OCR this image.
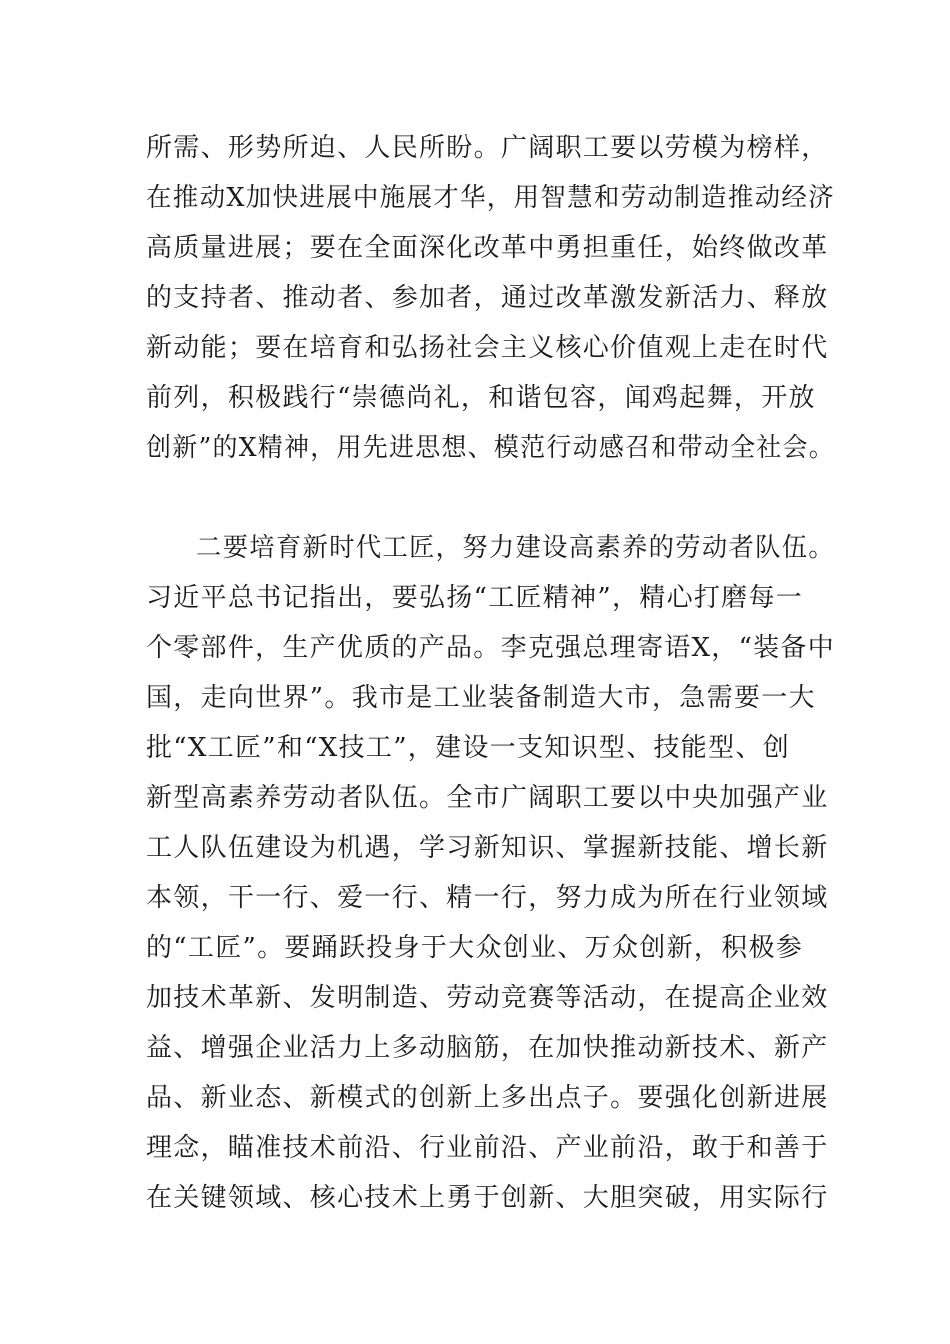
所需、形势所迫、人民所盼。广阔职工要以劳模为榜样，
在推动X加快进展中施展才华，用智慧和劳动制造推动经济
高质量进展；要在全面深化改革中勇担重任，始终做改革
的支持者、推动者、参加者，通过改革激发新活力、释放
新动能；要在培育和弘扬社会主义核心价值观上走在时代
前列，积极践行“崇德尚礼，和谐包容，闻鸡起舞，开放
创新”的X精神，用先进思想、模范行动感召和带动全社会。
二要培育新时代工匠，努力建设高素养的劳动者队伍。
习近平总书记指出，要弘扬“工匠精神”，精心打磨每一
个零部件，生产优质的产品。李克强总理寄语X，“装备中
国，走向世界”。我市是工业装备制造大市，急需要一大
批“X工匠”和“X技工”，建设一支知识型、技能型、创
新型高素养劳动者队伍。全市广阔职工要以中央加强产业
工人队伍建设为机遇，学习新知识、掌握新技能、增长新
本领，干一行、爱一行、精一行，努力成为所在行业领域
的“工匠”。要踊跃投身于大众创业、万众创新，积极参
加技术革新、发明制造、劳动竞赛等活动，在提高企业效
益、增强企业活力上多动脑筋，在加快推动新技术、新产
品、新业态、新模式的创新上多出点子。要强化创新进展
理念，瞄准技术前沿、行业前沿、产业前沿，敢于和善于
在关键领域、核心技术上勇于创新、大胆突破，用实际行
